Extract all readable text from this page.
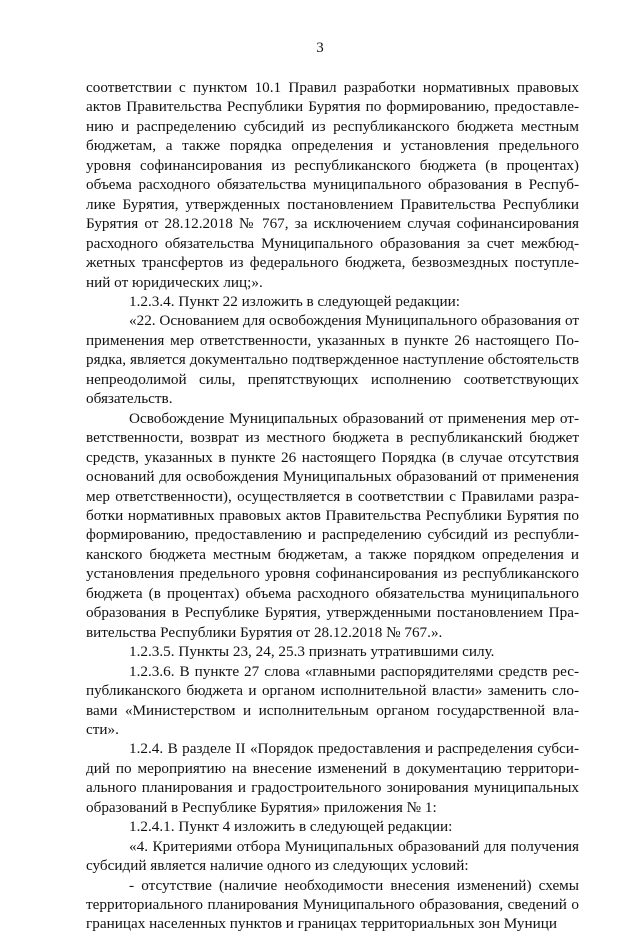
3

соответствии с пунктом 10.1 Правил разработки нормативных правовых актов Правительства Республики Бурятия по формированию, предоставлению и распределению субсидий из республиканского бюджета местным бюджетам, а также порядка определения и установления предельного уровня софинансирования из республиканского бюджета (в процентах) объема расходного обязательства муниципального образования в Республике Бурятия, утвержденных постановлением Правительства Республики Бурятия от 28.12.2018 № 767, за исключением случая софинансирования расходного обязательства Муниципального образования за счет межбюджетных трансфертов из федерального бюджета, безвозмездных поступлений от юридических лиц;».

1.2.3.4. Пункт 22 изложить в следующей редакции:

«22. Основанием для освобождения Муниципального образования от применения мер ответственности, указанных в пункте 26 настоящего Порядка, является документально подтвержденное наступление обстоятельств непреодолимой силы, препятствующих исполнению соответствующих обязательств.

Освобождение Муниципальных образований от применения мер ответственности, возврат из местного бюджета в республиканский бюджет средств, указанных в пункте 26 настоящего Порядка (в случае отсутствия оснований для освобождения Муниципальных образований от применения мер ответственности), осуществляется в соответствии с Правилами разработки нормативных правовых актов Правительства Республики Бурятия по формированию, предоставлению и распределению субсидий из республиканского бюджета местным бюджетам, а также порядком определения и установления предельного уровня софинансирования из республиканского бюджета (в процентах) объема расходного обязательства муниципального образования в Республике Бурятия, утвержденными постановлением Правительства Республики Бурятия от 28.12.2018 № 767.».

1.2.3.5. Пункты 23, 24, 25.3 признать утратившими силу.

1.2.3.6. В пункте 27 слова «главными распорядителями средств республиканского бюджета и органом исполнительной власти» заменить словами «Министерством и исполнительным органом государственной власти».

1.2.4. В разделе II «Порядок предоставления и распределения субсидий по мероприятию на внесение изменений в документацию территориального планирования и градостроительного зонирования муниципальных образований в Республике Бурятия» приложения № 1:

1.2.4.1. Пункт 4 изложить в следующей редакции:

«4. Критериями отбора Муниципальных образований для получения субсидий является наличие одного из следующих условий:

- отсутствие (наличие необходимости внесения изменений) схемы территориального планирования Муниципального образования, сведений о границах населенных пунктов и границах территориальных зон Муници
